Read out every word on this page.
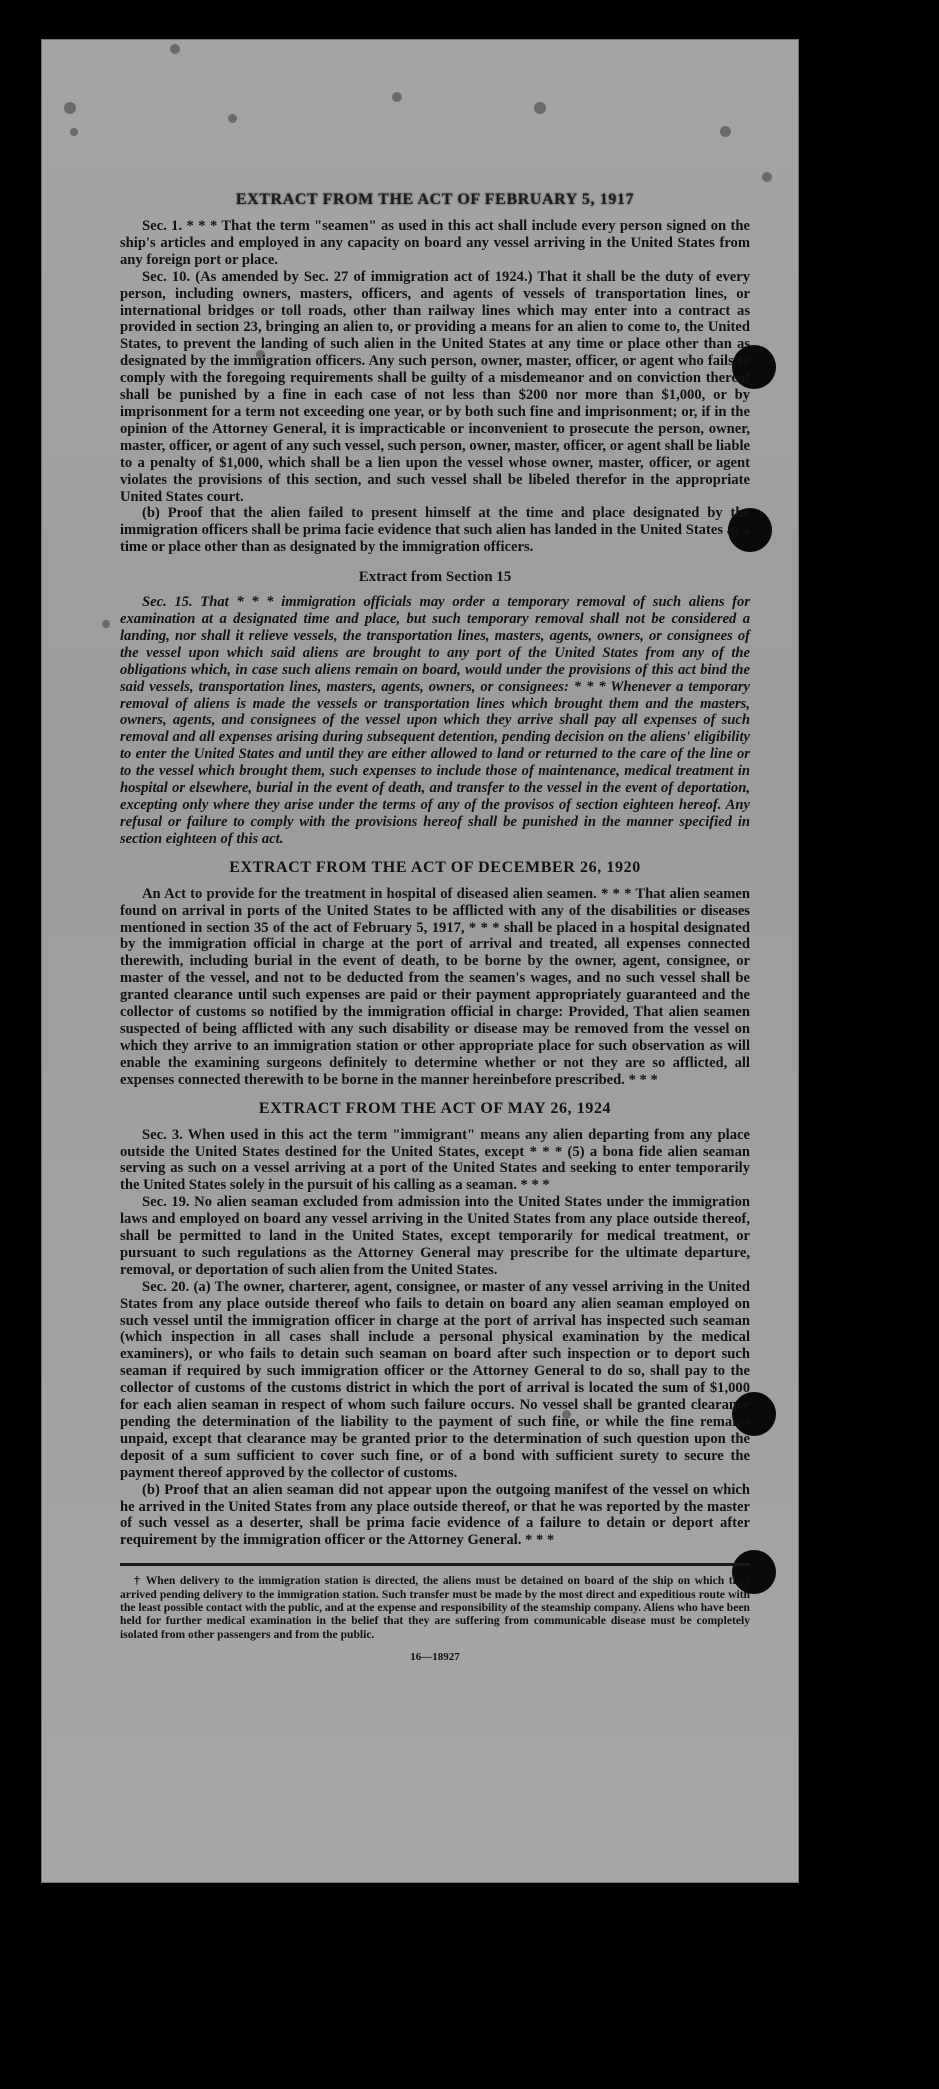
EXTRACT FROM THE ACT OF FEBRUARY 5, 1917

Sec. 1. * * * That the term "seamen" as used in this act shall include every person signed on the ship's articles and employed in any capacity on board any vessel arriving in the United States from any foreign port or place.

Sec. 10. (As amended by Sec. 27 of immigration act of 1924.) That it shall be the duty of every person, including owners, masters, officers, and agents of vessels of transportation lines, or international bridges or toll roads, other than railway lines which may enter into a contract as provided in section 23, bringing an alien to, or providing a means for an alien to come to, the United States, to prevent the landing of such alien in the United States at any time or place other than as designated by the immigration officers. Any such person, owner, master, officer, or agent who fails to comply with the foregoing requirements shall be guilty of a misdemeanor and on conviction thereof shall be punished by a fine in each case of not less than $200 nor more than $1,000, or by imprisonment for a term not exceeding one year, or by both such fine and imprisonment; or, if in the opinion of the Attorney General, it is impracticable or inconvenient to prosecute the person, owner, master, officer, or agent of any such vessel, such person, owner, master, officer, or agent shall be liable to a penalty of $1,000, which shall be a lien upon the vessel whose owner, master, officer, or agent violates the provisions of this section, and such vessel shall be libeled therefor in the appropriate United States court.

(b) Proof that the alien failed to present himself at the time and place designated by the immigration officers shall be prima facie evidence that such alien has landed in the United States at a time or place other than as designated by the immigration officers.

Extract from Section 15

Sec. 15. That * * * immigration officials may order a temporary removal of such aliens for examination at a designated time and place, but such temporary removal shall not be considered a landing, nor shall it relieve vessels, the transportation lines, masters, agents, owners, or consignees of the vessel upon which said aliens are brought to any port of the United States from any of the obligations which, in case such aliens remain on board, would under the provisions of this act bind the said vessels, transportation lines, masters, agents, owners, or consignees: * * * Whenever a temporary removal of aliens is made the vessels or transportation lines which brought them and the masters, owners, agents, and consignees of the vessel upon which they arrive shall pay all expenses of such removal and all expenses arising during subsequent detention, pending decision on the aliens' eligibility to enter the United States and until they are either allowed to land or returned to the care of the line or to the vessel which brought them, such expenses to include those of maintenance, medical treatment in hospital or elsewhere, burial in the event of death, and transfer to the vessel in the event of deportation, excepting only where they arise under the terms of any of the provisos of section eighteen hereof. Any refusal or failure to comply with the provisions hereof shall be punished in the manner specified in section eighteen of this act.

EXTRACT FROM THE ACT OF DECEMBER 26, 1920

An Act to provide for the treatment in hospital of diseased alien seamen. * * * That alien seamen found on arrival in ports of the United States to be afflicted with any of the disabilities or diseases mentioned in section 35 of the act of February 5, 1917, * * * shall be placed in a hospital designated by the immigration official in charge at the port of arrival and treated, all expenses connected therewith, including burial in the event of death, to be borne by the owner, agent, consignee, or master of the vessel, and not to be deducted from the seamen's wages, and no such vessel shall be granted clearance until such expenses are paid or their payment appropriately guaranteed and the collector of customs so notified by the immigration official in charge: Provided, That alien seamen suspected of being afflicted with any such disability or disease may be removed from the vessel on which they arrive to an immigration station or other appropriate place for such observation as will enable the examining surgeons definitely to determine whether or not they are so afflicted, all expenses connected therewith to be borne in the manner hereinbefore prescribed. * * *

EXTRACT FROM THE ACT OF MAY 26, 1924

Sec. 3. When used in this act the term "immigrant" means any alien departing from any place outside the United States destined for the United States, except * * * (5) a bona fide alien seaman serving as such on a vessel arriving at a port of the United States and seeking to enter temporarily the United States solely in the pursuit of his calling as a seaman. * * *

Sec. 19. No alien seaman excluded from admission into the United States under the immigration laws and employed on board any vessel arriving in the United States from any place outside thereof, shall be permitted to land in the United States, except temporarily for medical treatment, or pursuant to such regulations as the Attorney General may prescribe for the ultimate departure, removal, or deportation of such alien from the United States.

Sec. 20. (a) The owner, charterer, agent, consignee, or master of any vessel arriving in the United States from any place outside thereof who fails to detain on board any alien seaman employed on such vessel until the immigration officer in charge at the port of arrival has inspected such seaman (which inspection in all cases shall include a personal physical examination by the medical examiners), or who fails to detain such seaman on board after such inspection or to deport such seaman if required by such immigration officer or the Attorney General to do so, shall pay to the collector of customs of the customs district in which the port of arrival is located the sum of $1,000 for each alien seaman in respect of whom such failure occurs. No vessel shall be granted clearance pending the determination of the liability to the payment of such fine, or while the fine remains unpaid, except that clearance may be granted prior to the determination of such question upon the deposit of a sum sufficient to cover such fine, or of a bond with sufficient surety to secure the payment thereof approved by the collector of customs.

(b) Proof that an alien seaman did not appear upon the outgoing manifest of the vessel on which he arrived in the United States from any place outside thereof, or that he was reported by the master of such vessel as a deserter, shall be prima facie evidence of a failure to detain or deport after requirement by the immigration officer or the Attorney General. * * *

† When delivery to the immigration station is directed, the aliens must be detained on board of the ship on which they arrived pending delivery to the immigration station. Such transfer must be made by the most direct and expeditious route with the least possible contact with the public, and at the expense and responsibility of the steamship company. Aliens who have been held for further medical examination in the belief that they are suffering from communicable disease must be completely isolated from other passengers and from the public.

16—18927
